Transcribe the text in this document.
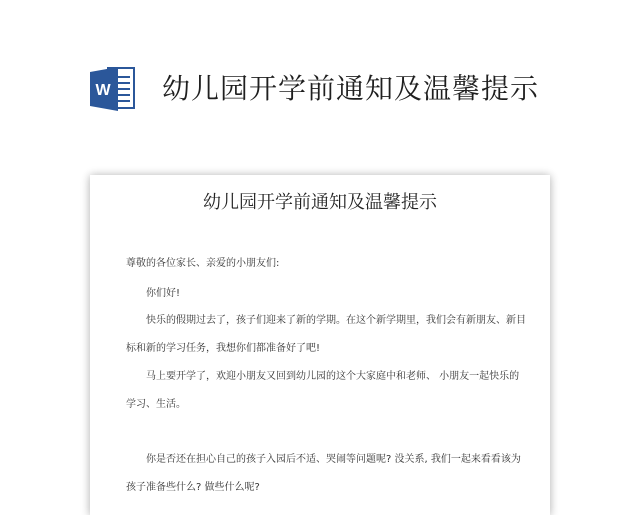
W 幼儿园开学前通知及温馨提示
幼儿园开学前通知及温馨提示
尊敬的各位家长、亲爱的小朋友们:
你们好!
快乐的假期过去了，孩子们迎来了新的学期。在这个新学期里，我们会有新朋友、新目
标和新的学习任务，我想你们都准备好了吧!
马上要开学了，欢迎小朋友又回到幼儿园的这个大家庭中和老师、 小朋友一起快乐的
学习、生活。
你是否还在担心自己的孩子入园后不适、哭闹等问题呢? 没关系, 我们一起来看看该为
孩子准备些什么? 做些什么呢?
